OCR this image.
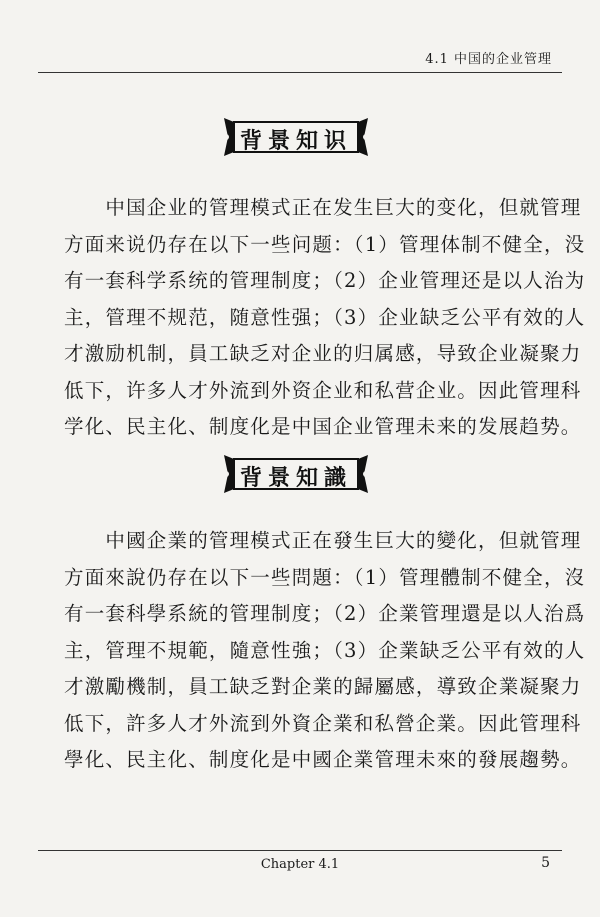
4.1 中国的企业管理
背景知识
　　中国企业的管理模式正在发生巨大的变化，但就管理
方面来说仍存在以下一些问题：（1）管理体制不健全，没
有一套科学系统的管理制度；（2）企业管理还是以人治为
主，管理不规范，随意性强；（3）企业缺乏公平有效的人
才激励机制，員工缺乏对企业的归属感，导致企业凝聚力
低下，许多人才外流到外资企业和私营企业。因此管理科
学化、民主化、制度化是中国企业管理未来的发展趋势。
背景知識
　　中國企業的管理模式正在發生巨大的變化，但就管理
方面來說仍存在以下一些問題：（1）管理體制不健全，沒
有一套科學系統的管理制度；（2）企業管理還是以人治爲
主，管理不規範，隨意性強；（3）企業缺乏公平有效的人
才激勵機制，員工缺乏對企業的歸屬感，導致企業凝聚力
低下，許多人才外流到外資企業和私營企業。因此管理科
學化、民主化、制度化是中國企業管理未來的發展趨勢。
Chapter 4.1	5
